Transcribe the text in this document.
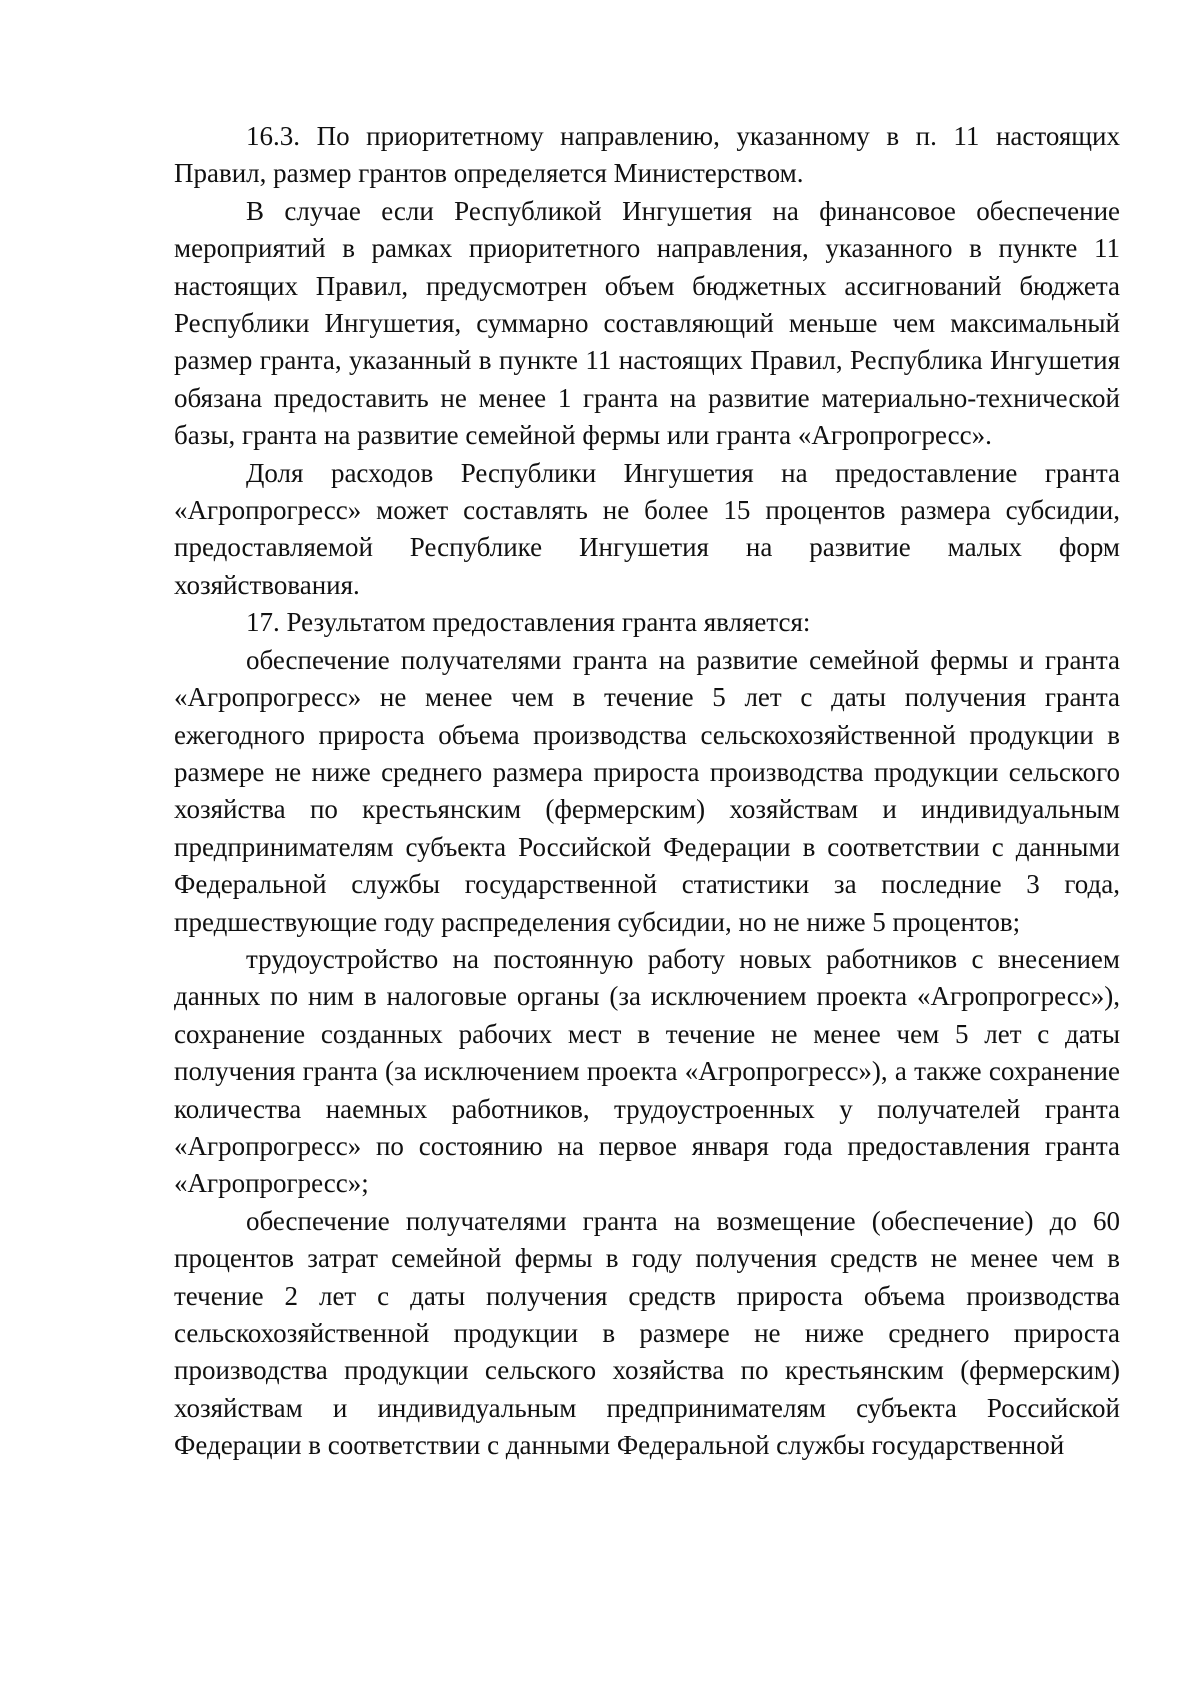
16.3. По приоритетному направлению, указанному в п. 11 настоящих Правил, размер грантов определяется Министерством.

В случае если Республикой Ингушетия на финансовое обеспечение мероприятий в рамках приоритетного направления, указанного в пункте 11 настоящих Правил, предусмотрен объем бюджетных ассигнований бюджета Республики Ингушетия, суммарно составляющий меньше чем максимальный размер гранта, указанный в пункте 11 настоящих Правил, Республика Ингушетия обязана предоставить не менее 1 гранта на развитие материально-технической базы, гранта на развитие семейной фермы или гранта «Агропрогресс».

Доля расходов Республики Ингушетия на предоставление гранта «Агропрогресс» может составлять не более 15 процентов размера субсидии, предоставляемой Республике Ингушетия на развитие малых форм хозяйствования.

17. Результатом предоставления гранта является:

обеспечение получателями гранта на развитие семейной фермы и гранта «Агропрогресс» не менее чем в течение 5 лет с даты получения гранта ежегодного прироста объема производства сельскохозяйственной продукции в размере не ниже среднего размера прироста производства продукции сельского хозяйства по крестьянским (фермерским) хозяйствам и индивидуальным предпринимателям субъекта Российской Федерации в соответствии с данными Федеральной службы государственной статистики за последние 3 года, предшествующие году распределения субсидии, но не ниже 5 процентов;

трудоустройство на постоянную работу новых работников с внесением данных по ним в налоговые органы (за исключением проекта «Агропрогресс»), сохранение созданных рабочих мест в течение не менее чем 5 лет с даты получения гранта (за исключением проекта «Агропрогресс»), а также сохранение количества наемных работников, трудоустроенных у получателей гранта «Агропрогресс» по состоянию на первое января года предоставления гранта «Агропрогресс»;

обеспечение получателями гранта на возмещение (обеспечение) до 60 процентов затрат семейной фермы в году получения средств не менее чем в течение 2 лет с даты получения средств прироста объема производства сельскохозяйственной продукции в размере не ниже среднего прироста производства продукции сельского хозяйства по крестьянским (фермерским) хозяйствам и индивидуальным предпринимателям субъекта Российской Федерации в соответствии с данными Федеральной службы государственной
